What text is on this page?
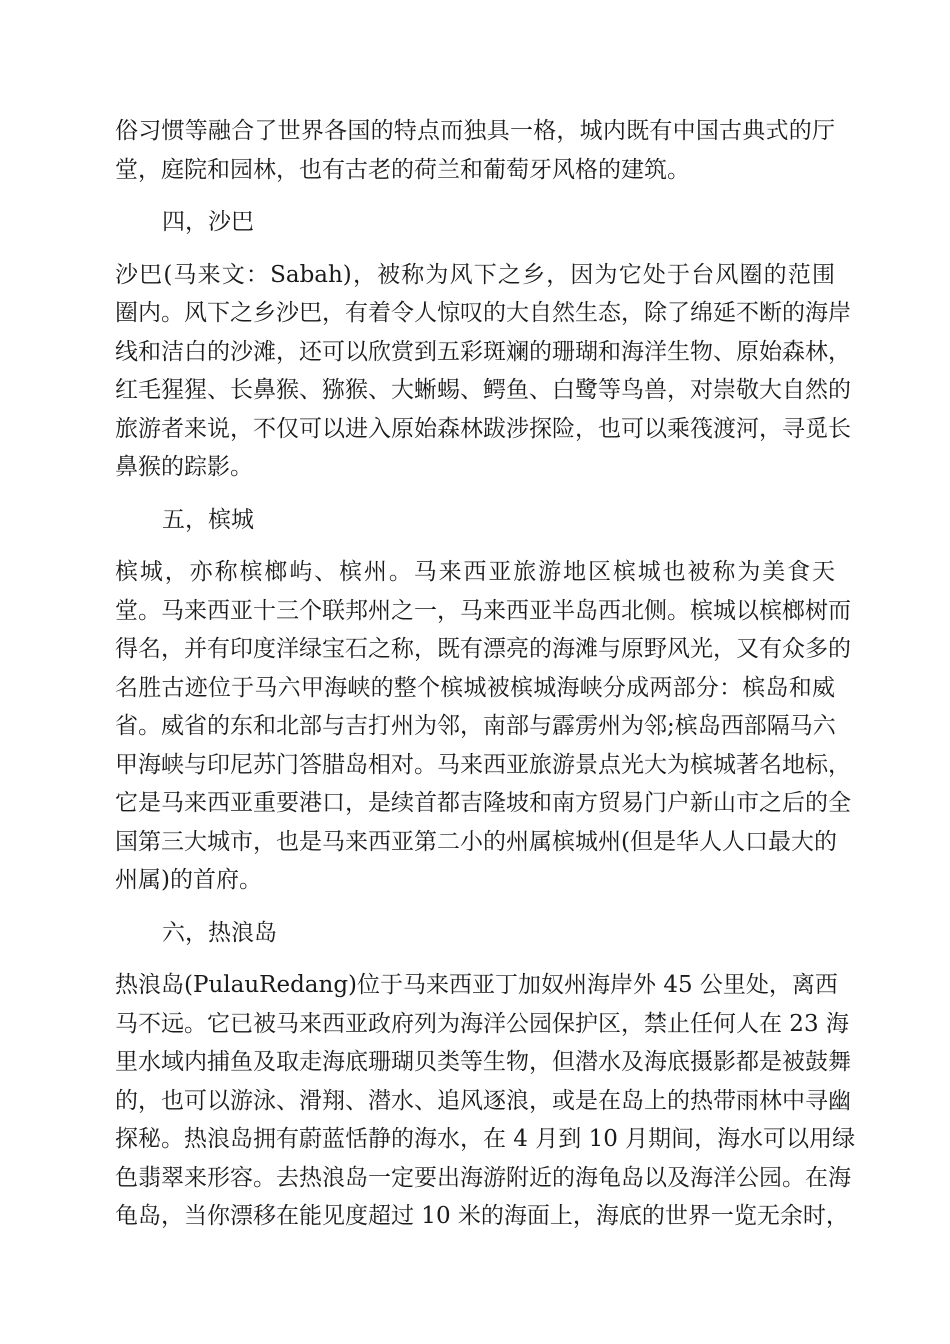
俗习惯等融合了世界各国的特点而独具一格，城内既有中国古典式的厅
堂，庭院和园林，也有古老的荷兰和葡萄牙风格的建筑。
四，沙巴
沙巴(马来文：Sabah)，被称为风下之乡，因为它处于台风圈的范围
圈内。风下之乡沙巴，有着令人惊叹的大自然生态，除了绵延不断的海岸
线和洁白的沙滩，还可以欣赏到五彩斑斓的珊瑚和海洋生物、原始森林，
红毛猩猩、长鼻猴、猕猴、大蜥蜴、鳄鱼、白鹭等鸟兽，对崇敬大自然的
旅游者来说，不仅可以进入原始森林跋涉探险，也可以乘筏渡河，寻觅长
鼻猴的踪影。
五，槟城
槟城，亦称槟榔屿、槟州。马来西亚旅游地区槟城也被称为美食天
堂。马来西亚十三个联邦州之一，马来西亚半岛西北侧。槟城以槟榔树而
得名，并有印度洋绿宝石之称，既有漂亮的海滩与原野风光，又有众多的
名胜古迹位于马六甲海峡的整个槟城被槟城海峡分成两部分：槟岛和威
省。威省的东和北部与吉打州为邻，南部与霹雳州为邻;槟岛西部隔马六
甲海峡与印尼苏门答腊岛相对。马来西亚旅游景点光大为槟城著名地标，
它是马来西亚重要港口，是续首都吉隆坡和南方贸易门户新山市之后的全
国第三大城市，也是马来西亚第二小的州属槟城州(但是华人人口最大的
州属)的首府。
六，热浪岛
热浪岛(PulauRedang)位于马来西亚丁加奴州海岸外 45 公里处，离西
马不远。它已被马来西亚政府列为海洋公园保护区，禁止任何人在 23 海
里水域内捕鱼及取走海底珊瑚贝类等生物，但潜水及海底摄影都是被鼓舞
的，也可以游泳、滑翔、潜水、追风逐浪，或是在岛上的热带雨林中寻幽
探秘。热浪岛拥有蔚蓝恬静的海水，在 4 月到 10 月期间，海水可以用绿
色翡翠来形容。去热浪岛一定要出海游附近的海龟岛以及海洋公园。在海
龟岛，当你漂移在能见度超过 10 米的海面上，海底的世界一览无余时，
